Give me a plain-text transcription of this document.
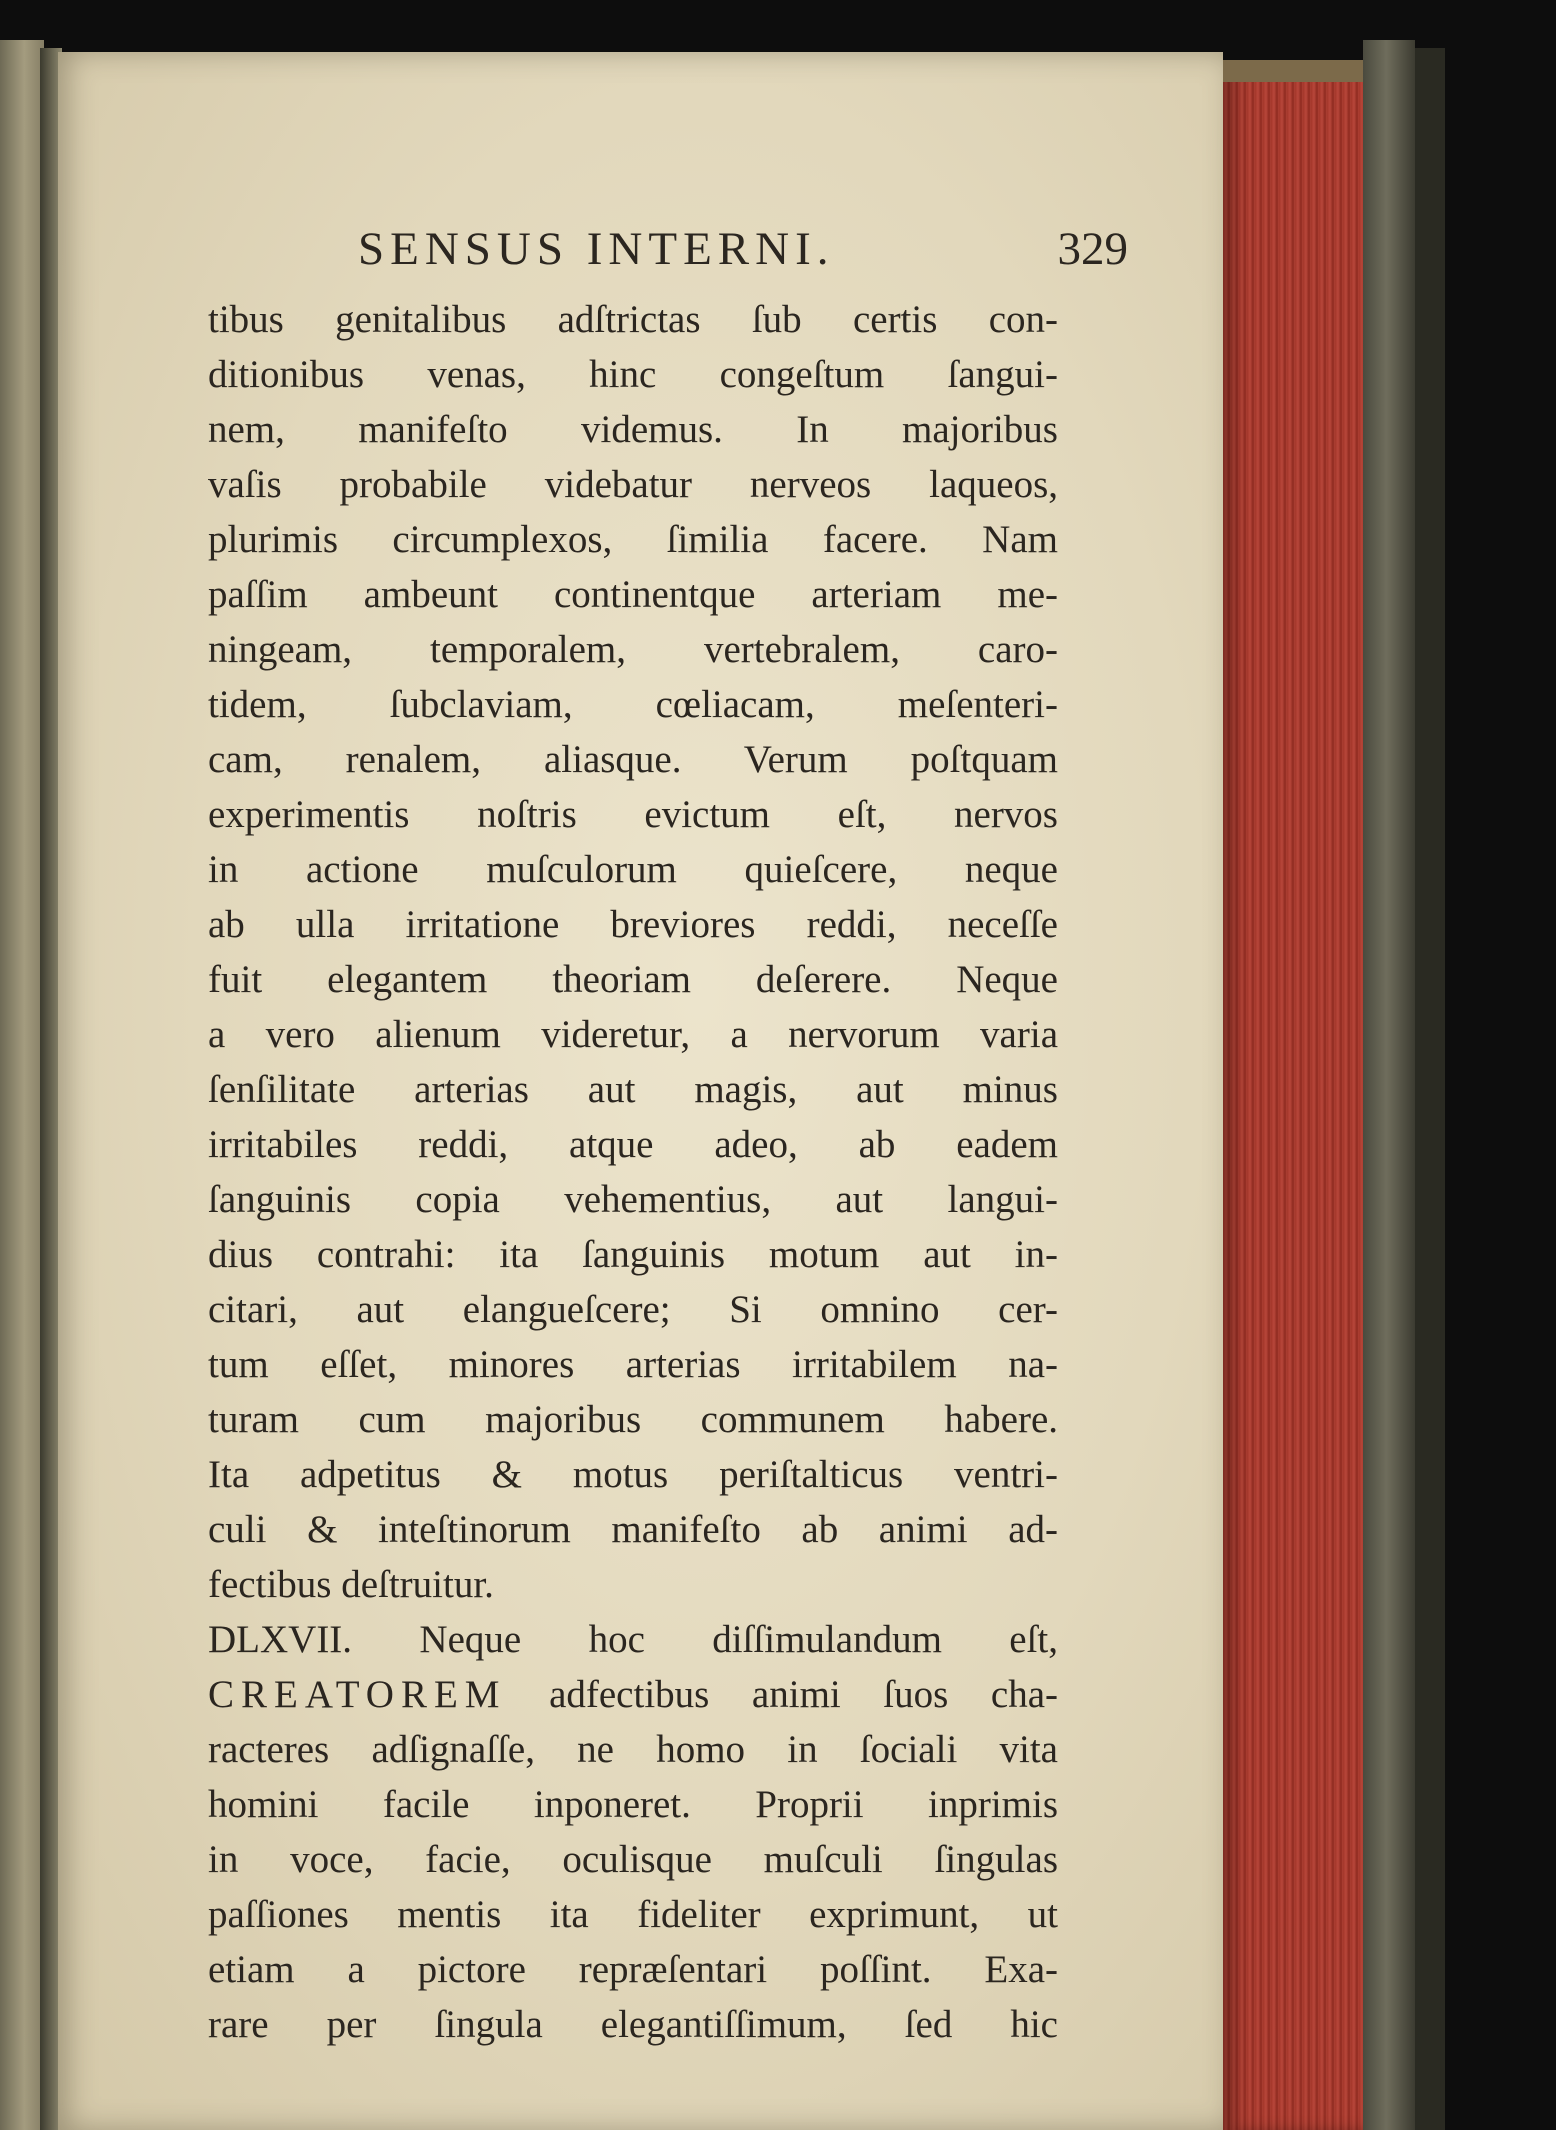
SENSUS INTERNI.	329
tibus genitalibus adſtrictas ſub certis con-
ditionibus venas, hinc congeſtum ſangui-
nem, manifeſto videmus. In majoribus
vaſis probabile videbatur nerveos laqueos,
plurimis circumplexos, ſimilia facere. Nam
paſſim ambeunt continentque arteriam me-
ningeam, temporalem, vertebralem, caro-
tidem, ſubclaviam, cœliacam, meſenteri-
cam, renalem, aliasque. Verum poſtquam
experimentis noſtris evictum eſt, nervos
in actione muſculorum quieſcere, neque
ab ulla irritatione breviores reddi, neceſſe
fuit elegantem theoriam deſerere. Neque
a vero alienum videretur, a nervorum varia
ſenſilitate arterias aut magis, aut minus
irritabiles reddi, atque adeo, ab eadem
ſanguinis copia vehementius, aut langui-
dius contrahi: ita ſanguinis motum aut in-
citari, aut elangueſcere; Si omnino cer-
tum eſſet, minores arterias irritabilem na-
turam cum majoribus communem habere.
Ita adpetitus & motus periſtalticus ventri-
culi & inteſtinorum manifeſto ab animi ad-
fectibus deſtruitur.
DLXVII. Neque hoc diſſimulandum eſt,
CREATOREM adfectibus animi ſuos cha-
racteres adſignaſſe, ne homo in ſociali vita
homini facile inponeret. Proprii inprimis
in voce, facie, oculisque muſculi ſingulas
paſſiones mentis ita fideliter exprimunt, ut
etiam a pictore repræſentari poſſint. Exa-
rare per ſingula elegantiſſimum, ſed hic
